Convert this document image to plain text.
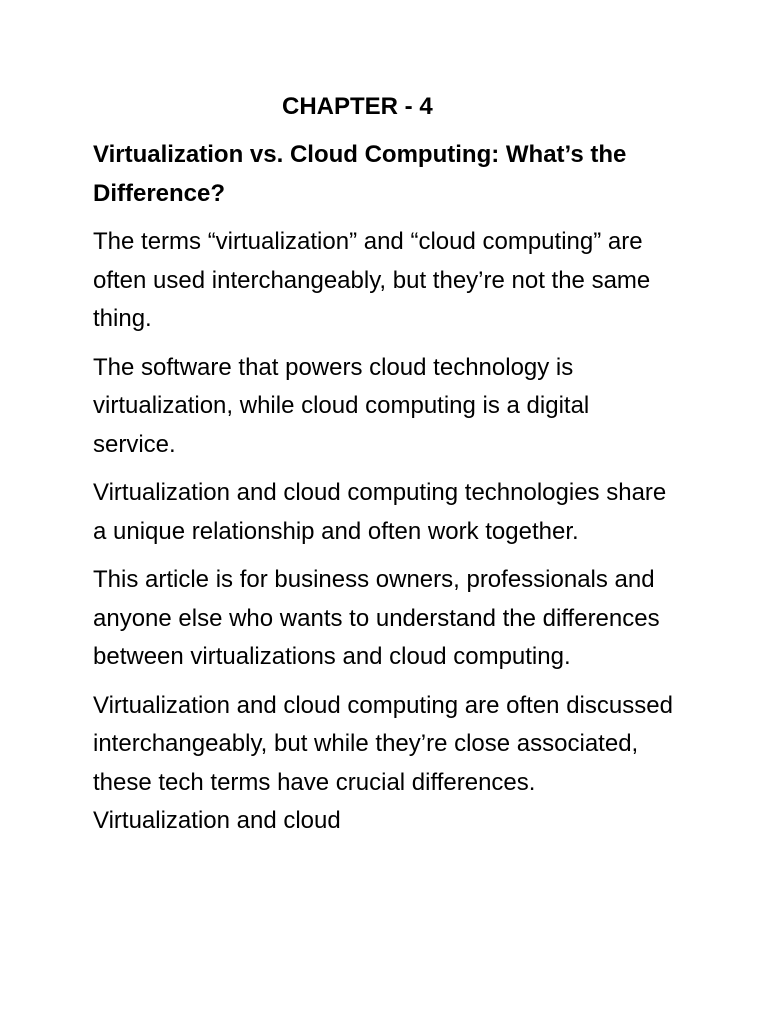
CHAPTER - 4
Virtualization vs. Cloud Computing: What’s the Difference?

The terms “virtualization” and “cloud computing” are often used interchangeably, but they’re not the same thing.

The software that powers cloud technology is virtualization, while cloud computing is a digital service.

Virtualization and cloud computing technologies share a unique relationship and often work together.

This article is for business owners, professionals and anyone else who wants to understand the differences between virtualizations and cloud computing.

Virtualization and cloud computing are often discussed interchangeably, but while they’re close associated, these tech terms have crucial differences. Virtualization and cloud
